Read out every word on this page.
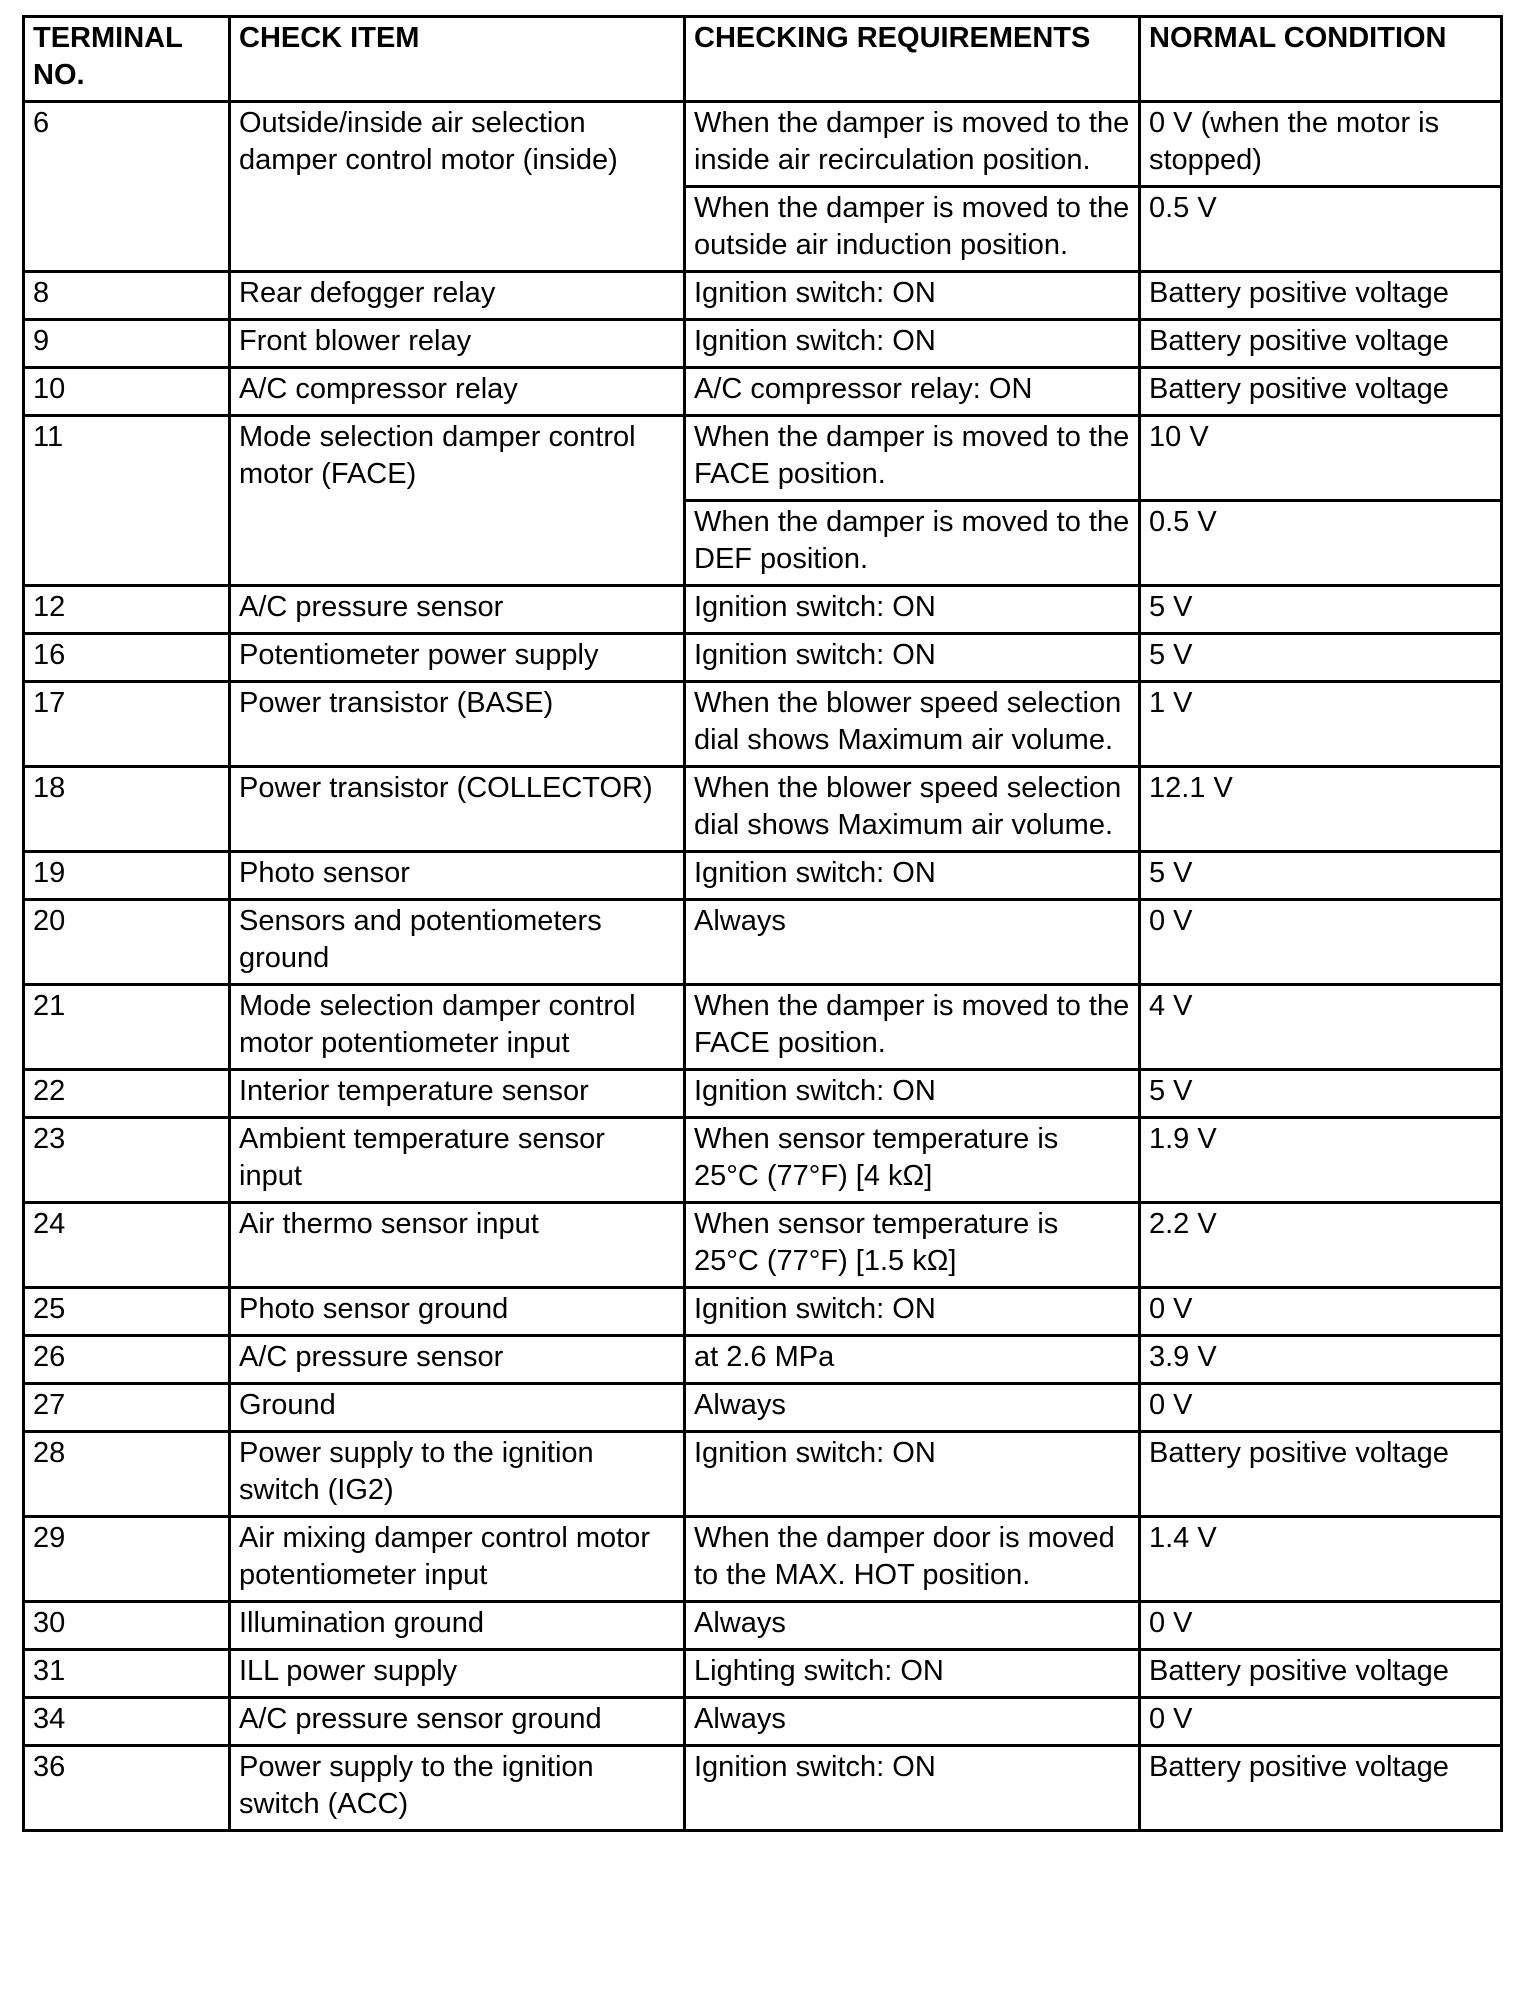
TERMINAL NO.	CHECK ITEM	CHECKING REQUIREMENTS	NORMAL CONDITION
6	Outside/inside air selection damper control motor (inside)	When the damper is moved to the inside air recirculation position.	0 V (when the motor is stopped)
		When the damper is moved to the outside air induction position.	0.5 V
8	Rear defogger relay	Ignition switch: ON	Battery positive voltage
9	Front blower relay	Ignition switch: ON	Battery positive voltage
10	A/C compressor relay	A/C compressor relay: ON	Battery positive voltage
11	Mode selection damper control motor (FACE)	When the damper is moved to the FACE position.	10 V
		When the damper is moved to the DEF position.	0.5 V
12	A/C pressure sensor	Ignition switch: ON	5 V
16	Potentiometer power supply	Ignition switch: ON	5 V
17	Power transistor (BASE)	When the blower speed selection dial shows Maximum air volume.	1 V
18	Power transistor (COLLECTOR)	When the blower speed selection dial shows Maximum air volume.	12.1 V
19	Photo sensor	Ignition switch: ON	5 V
20	Sensors and potentiometers ground	Always	0 V
21	Mode selection damper control motor potentiometer input	When the damper is moved to the FACE position.	4 V
22	Interior temperature sensor	Ignition switch: ON	5 V
23	Ambient temperature sensor input	When sensor temperature is 25°C (77°F) [4 kΩ]	1.9 V
24	Air thermo sensor input	When sensor temperature is 25°C (77°F) [1.5 kΩ]	2.2 V
25	Photo sensor ground	Ignition switch: ON	0 V
26	A/C pressure sensor	at 2.6 MPa	3.9 V
27	Ground	Always	0 V
28	Power supply to the ignition switch (IG2)	Ignition switch: ON	Battery positive voltage
29	Air mixing damper control motor potentiometer input	When the damper door is moved to the MAX. HOT position.	1.4 V
30	Illumination ground	Always	0 V
31	ILL power supply	Lighting switch: ON	Battery positive voltage
34	A/C pressure sensor ground	Always	0 V
36	Power supply to the ignition switch (ACC)	Ignition switch: ON	Battery positive voltage
